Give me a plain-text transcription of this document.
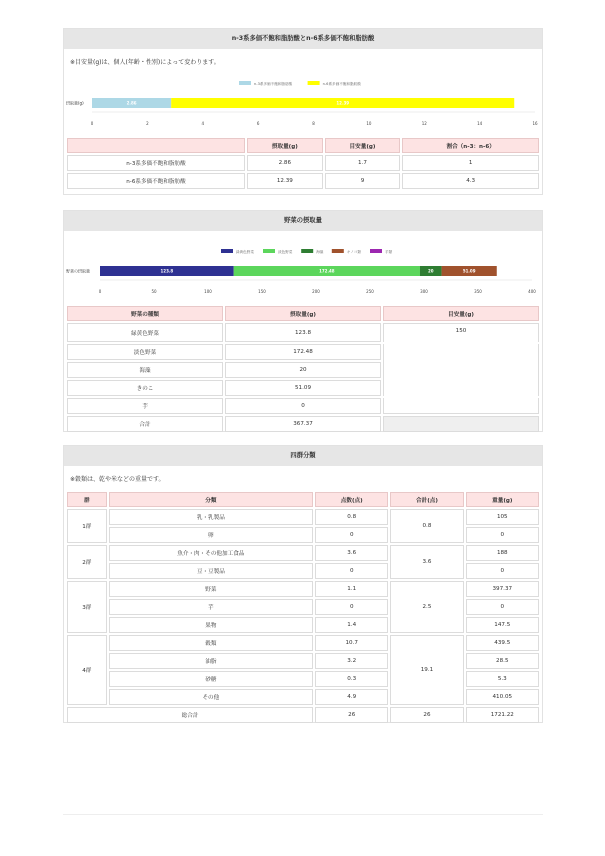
n-3系多価不飽和脂肪酸とn-6系多価不飽和脂肪酸
※目安量(g)は、個人(年齢・性別)によって変わります。
n-3系多価不飽和脂肪酸	n-6系多価不飽和脂肪酸
0	2	4	6	8	10	12	14	16
摂取量(g)	2.86	12.39
	摂取量(g)	目安量(g)	割合（n-3：n-6）
n-3系多価不飽和脂肪酸	2.86	1.7	1
n-6系多価不飽和脂肪酸	12.39	9	4.3
野菜の摂取量
緑黄色野菜	淡色野菜	海藻	キノコ類	芋類
0	50	100	150	200	250	300	350	400
野菜の摂取量	123.8	172.48	20	51.09
野菜の種類	摂取量(g)	目安量(g)
緑黄色野菜	123.8	150
淡色野菜	172.48	
海藻	20	
きのこ	51.09	
芋	0	
合計	367.37	
四群分類
※穀類は、乾や米などの重量です。
群	分類	点数(点)	合計(点)	重量(g)
1群	乳・乳製品	0.8	0.8	105
	卵	0		0
2群	魚介・肉・その他加工食品	3.6	3.6	188
	豆・豆製品	0		0
3群	野菜	1.1	2.5	397.37
	芋	0		0
	果物	1.4		147.5
4群	穀類	10.7	19.1	439.5
	油脂	3.2		28.5
	砂糖	0.3		5.3
	その他	4.9		410.05
総合計		26	26	1721.22
